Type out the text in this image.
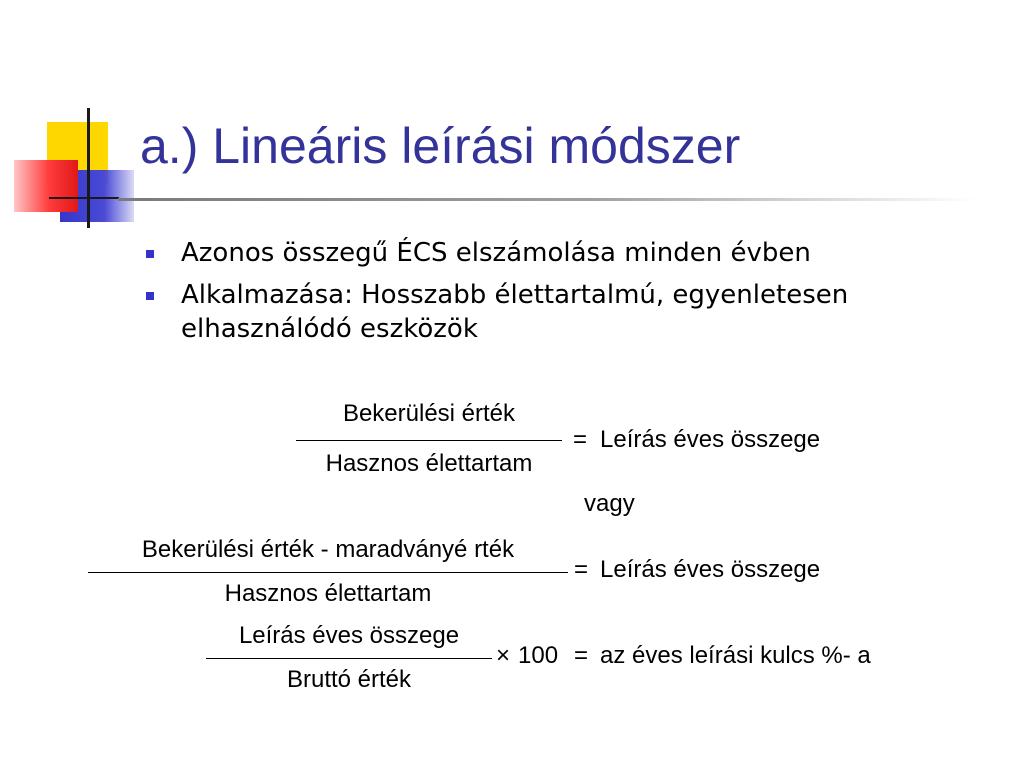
a.) Lineáris leírási módszer
Azonos összegű ÉCS elszámolása minden évben
Alkalmazása: Hosszabb élettartalmú, egyenletesen elhasználódó eszközök
Bekerülési érték
Hasznos élettartam
= Leírás éves összege
vagy
Bekerülési érték - maradványé rték
Hasznos élettartam
= Leírás éves összege
Leírás éves összege
Bruttó érték
× 100 = az éves leírási kulcs %- a
